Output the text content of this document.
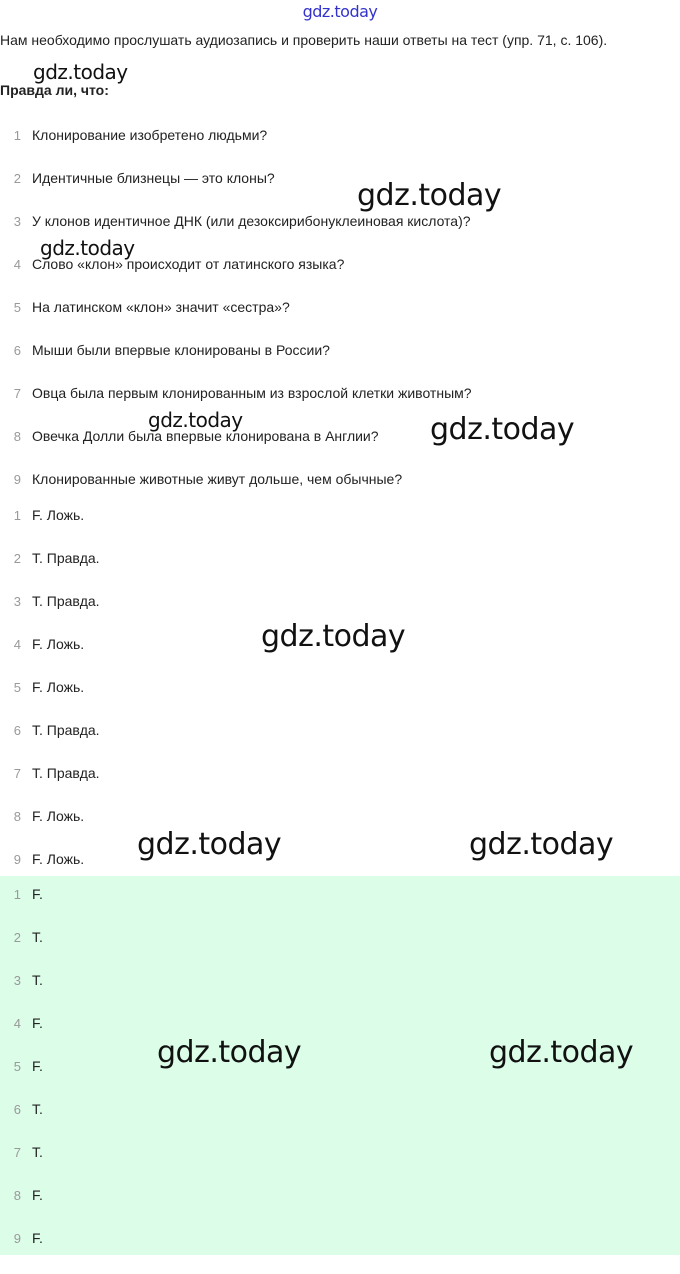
gdz.today
Нам необходимо прослушать аудиозапись и проверить наши ответы на тест (упр. 71, с. 106).
Правда ли, что:
1 Клонирование изобретено людьми?
2 Идентичные близнецы — это клоны?
3 У клонов идентичное ДНК (или дезоксирибонуклеиновая кислота)?
4 Слово «клон» происходит от латинского языка?
5 На латинском «клон» значит «сестра»?
6 Мыши были впервые клонированы в России?
7 Овца была первым клонированным из взрослой клетки животным?
8 Овечка Долли была впервые клонирована в Англии?
9 Клонированные животные живут дольше, чем обычные?
1 F. Ложь.
2 T. Правда.
3 T. Правда.
4 F. Ложь.
5 F. Ложь.
6 T. Правда.
7 T. Правда.
8 F. Ложь.
9 F. Ложь.
1 F.
2 T.
3 T.
4 F.
5 F.
6 T.
7 T.
8 F.
9 F.
gdz.today
gdz.today
gdz.today
gdz.today	gdz.today
gdz.today
gdz.today	gdz.today
gdz.today	gdz.today
